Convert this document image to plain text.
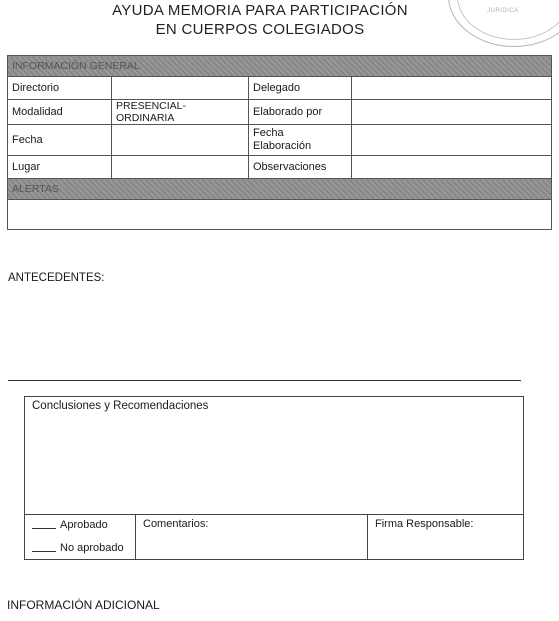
JURIDICA
AYUDA MEMORIA PARA PARTICIPACIÓN
EN CUERPOS COLEGIADOS
INFORMACIÓN GENERAL			
Directorio		Delegado	
Modalidad	PRESENCIAL-ORDINARIA	Elaborado por	
Fecha		Fecha
Elaboración	

Lugar		Observaciones	
ALERTAS			

ANTECEDENTES:
Conclusiones y Recomendaciones
Aprobado
No aprobado
Comentarios:	Firma Responsable:
INFORMACIÓN ADICIONAL
